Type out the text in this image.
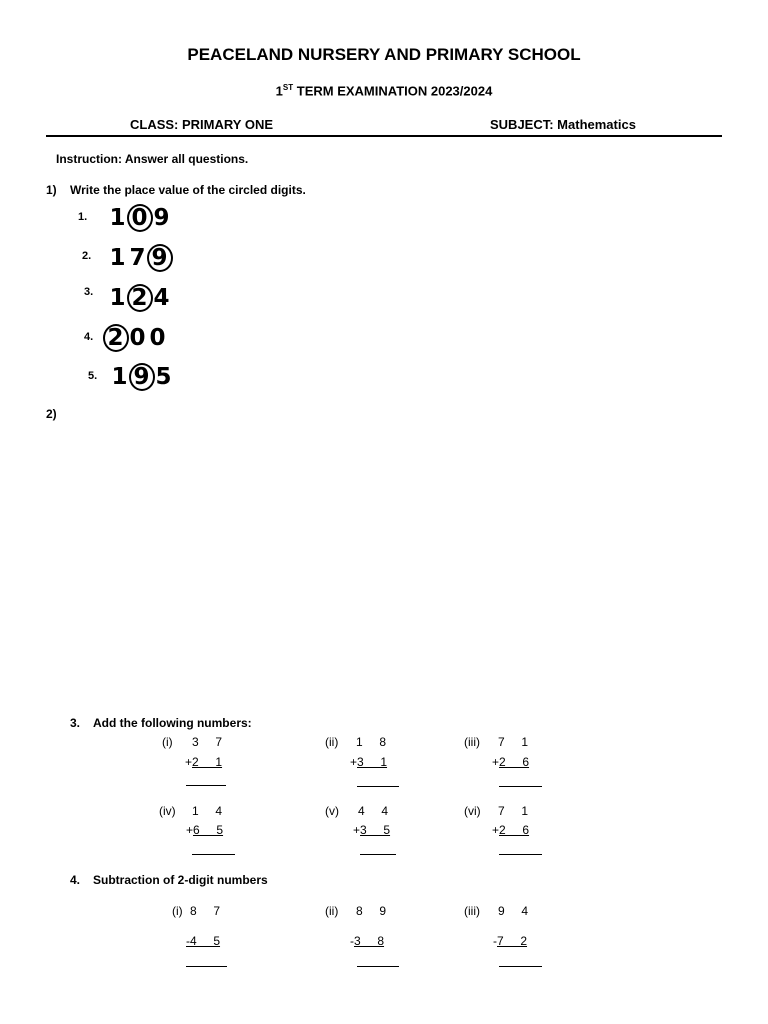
PEACELAND NURSERY AND PRIMARY SCHOOL
1ST TERM EXAMINATION 2023/2024
CLASS: PRIMARY ONE	SUBJECT: Mathematics
Instruction: Answer all questions.
1) Write the place value of the circled digits.
1. 1 0 9
2. 1 7 9
3. 1 2 4
4. 2 0 0
5. 1 9 5
2)
3. Add the following numbers:
(i) 3     7
+2     1
(ii) 1     8
+3     1
(iii) 7     1
+2     6
(iv) 1     4
+6     5
(v) 4     4
+3     5
(vi) 7     1
+2     6
4. Subtraction of 2-digit numbers
(i) 8     7
-4     5
(ii) 8     9
-3     8
(iii) 9     4
-7     2
